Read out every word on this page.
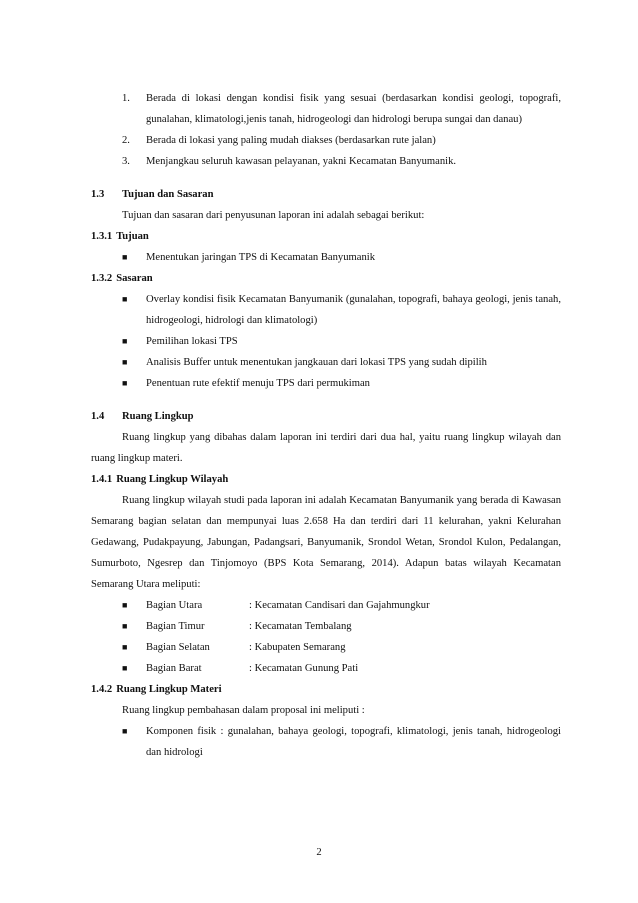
1.	Berada di lokasi dengan kondisi fisik yang sesuai (berdasarkan kondisi geologi, topografi, gunalahan, klimatologi,jenis tanah, hidrogeologi dan hidrologi berupa sungai dan danau)
2.	Berada di lokasi yang paling mudah diakses (berdasarkan rute jalan)
3.	Menjangkau seluruh kawasan pelayanan, yakni Kecamatan Banyumanik.
1.3	Tujuan dan Sasaran
Tujuan dan sasaran dari penyusunan laporan ini adalah sebagai berikut:
1.3.1 Tujuan
■	Menentukan jaringan TPS di Kecamatan Banyumanik
1.3.2 Sasaran
■	Overlay kondisi fisik Kecamatan Banyumanik (gunalahan, topografi, bahaya geologi, jenis tanah, hidrogeologi, hidrologi dan klimatologi)
■	Pemilihan lokasi TPS
■	Analisis Buffer untuk menentukan jangkauan dari lokasi TPS yang sudah dipilih
■	Penentuan rute efektif menuju TPS dari permukiman
1.4	Ruang Lingkup
Ruang lingkup yang dibahas dalam laporan ini terdiri dari dua hal, yaitu ruang lingkup wilayah dan ruang lingkup materi.
1.4.1 Ruang Lingkup Wilayah
Ruang lingkup wilayah studi pada laporan ini adalah Kecamatan Banyumanik yang berada di Kawasan Semarang bagian selatan dan mempunyai luas 2.658 Ha dan terdiri dari 11 kelurahan, yakni Kelurahan Gedawang, Pudakpayung, Jabungan, Padangsari, Banyumanik, Srondol Wetan, Srondol Kulon, Pedalangan, Sumurboto, Ngesrep dan Tinjomoyo (BPS Kota Semarang, 2014). Adapun batas wilayah Kecamatan Semarang Utara meliputi:
■	Bagian Utara	: Kecamatan Candisari dan Gajahmungkur
■	Bagian Timur	: Kecamatan Tembalang
■	Bagian Selatan	: Kabupaten Semarang
■	Bagian Barat	: Kecamatan Gunung Pati
1.4.2 Ruang Lingkup Materi
Ruang lingkup pembahasan dalam proposal ini meliputi :
■	Komponen fisik : gunalahan, bahaya geologi, topografi, klimatologi, jenis tanah, hidrogeologi dan hidrologi
2
